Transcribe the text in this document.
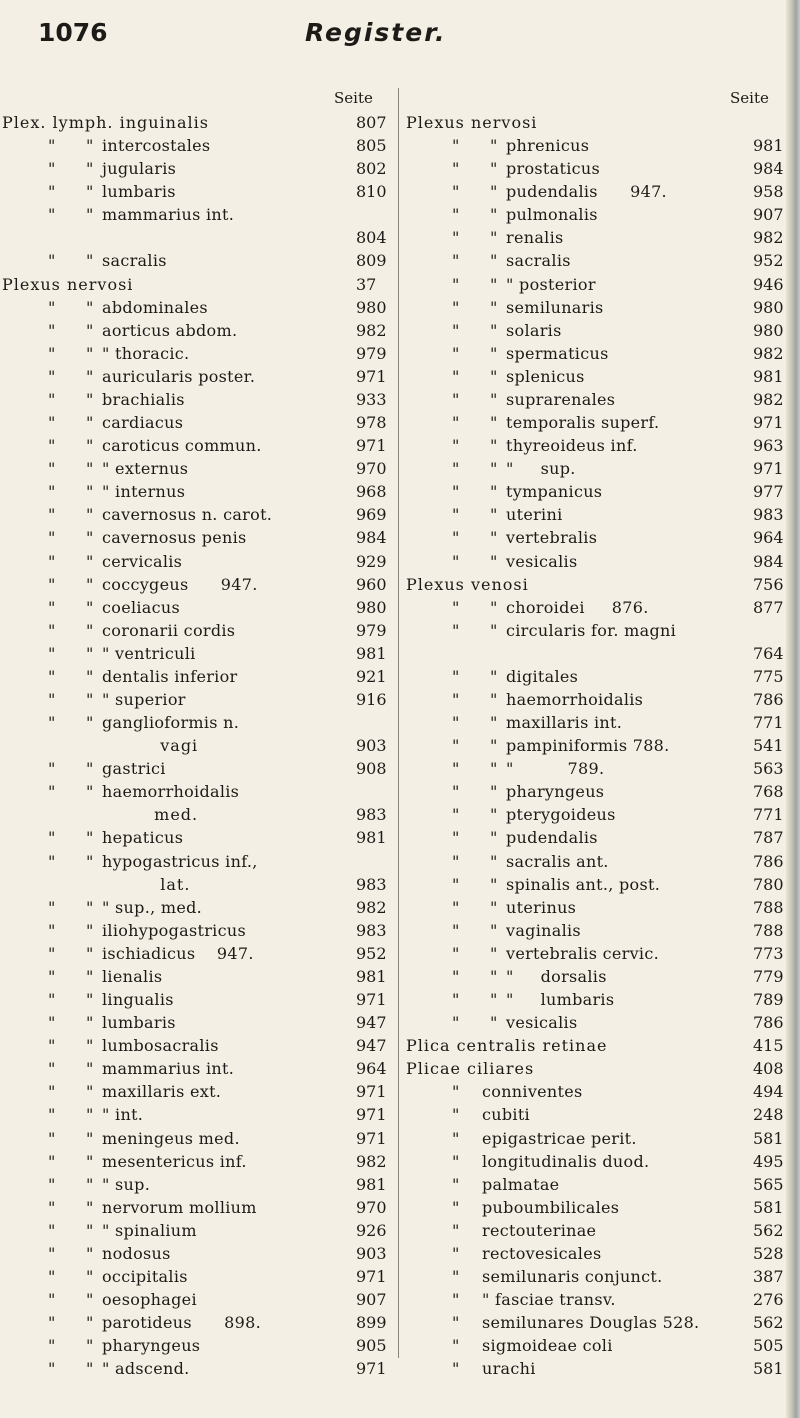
1076	Register.
Seite
Plex. lymph. inguinalis	807
" " intercostales	805
" " jugularis	802
" " lumbaris	810
" " mammarius int.
804
" " sacralis	809
Plexus nervosi	37
" " abdominales	980
" " aorticus abdom.	982
" " " thoracic.	979
" " auricularis poster.	971
" " brachialis	933
" " cardiacus	978
" " caroticus commun.	971
" " " externus	970
" " " internus	968
" " cavernosus n. carot.	969
" " cavernosus penis	984
" " cervicalis	929
" " coccygeus      947.	960
" " coeliacus	980
" " coronarii cordis	979
" " " ventriculi	981
" " dentalis inferior	921
" " " superior	916
" " ganglioformis n.
vagi	903
" " gastrici	908
" " haemorrhoidalis
med.	983
" " hepaticus	981
" " hypogastricus inf.,
lat.	983
" " " sup., med.	982
" " iliohypogastricus	983
" " ischiadicus    947.	952
" " lienalis	981
" " lingualis	971
" " lumbaris	947
" " lumbosacralis	947
" " mammarius int.	964
" " maxillaris ext.	971
" " " int.	971
" " meningeus med.	971
" " mesentericus inf.	982
" " " sup.	981
" " nervorum mollium	970
" " " spinalium	926
" " nodosus	903
" " occipitalis	971
" " oesophagei	907
" " parotideus      898.	899
" " pharyngeus	905
" " " adscend.	971
Seite
Plexus nervosi
" " phrenicus	981
" " prostaticus	984
" " pudendalis      947.	958
" " pulmonalis	907
" " renalis	982
" " sacralis	952
" " " posterior	946
" " semilunaris	980
" " solaris	980
" " spermaticus	982
" " splenicus	981
" " suprarenales	982
" " temporalis superf.	971
" " thyreoideus inf.	963
" " "     sup.	971
" " tympanicus	977
" " uterini	983
" " vertebralis	964
" " vesicalis	984
Plexus venosi	756
" " choroidei     876.	877
" " circularis for. magni
764
" " digitales	775
" " haemorrhoidalis	786
" " maxillaris int.	771
" " pampiniformis 788.	541
" " "          789.	563
" " pharyngeus	768
" " pterygoideus	771
" " pudendalis	787
" " sacralis ant.	786
" " spinalis ant., post.	780
" " uterinus	788
" " vaginalis	788
" " vertebralis cervic.	773
" " "     dorsalis	779
" " "     lumbaris	789
" " vesicalis	786
Plica centralis retinae	415
Plicae ciliares	408
" conniventes	494
" cubiti	248
" epigastricae perit.	581
" longitudinalis duod.	495
" palmatae	565
" puboumbilicales	581
" rectouterinae	562
" rectovesicales	528
" semilunaris conjunct.	387
" " fasciae transv.	276
" semilunares Douglas 528.	562
" sigmoideae coli	505
" urachi	581
